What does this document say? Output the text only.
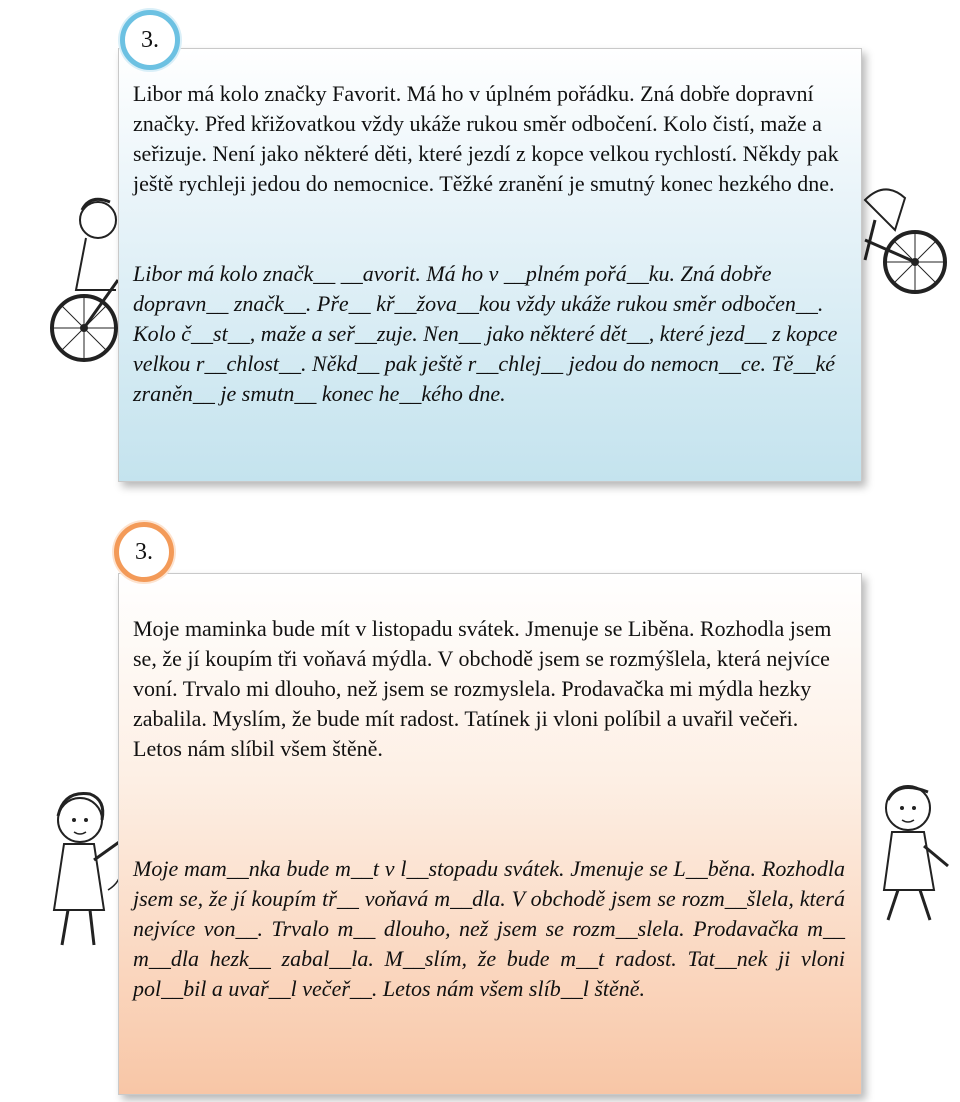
Libor má kolo značky Favorit. Má ho v úplném pořádku. Zná dobře dopravní značky. Před křižovatkou vždy ukáže rukou směr odbočení. Kolo čistí, maže a seřizuje. Není jako některé děti, které jezdí z kopce velkou rychlostí. Někdy pak ještě rychleji jedou do nemocnice. Těžké zranění je smutný konec hezkého dne.

Libor má kolo značk__ __avorit. Má ho v __plném pořá__ku. Zná dobře dopravn__ značk__. Pře__ kř__žova__kou vždy ukáže rukou směr odbočen__. Kolo č__st__, maže a seř__zuje. Nen__ jako některé dět__, které jezd__ z kopce velkou r__chlost__. Někd__ pak ještě r__chlej__ jedou do nemocn__ce. Tě__ké zraněn__ je smutn__ konec he__kého dne.

3.

Moje maminka bude mít v listopadu svátek. Jmenuje se Liběna. Rozhodla jsem se, že jí koupím tři voňavá mýdla. V obchodě jsem se rozmýšlela, která nejvíce voní. Trvalo mi dlouho, než jsem se rozmyslela. Prodavačka mi mýdla hezky zabalila. Myslím, že bude mít radost. Tatínek ji vloni políbil a uvařil večeři. Letos nám slíbil všem štěně.

Moje mam__nka bude m__t v l__stopadu svátek. Jmenuje se L__běna. Rozhodla jsem se, že jí koupím tř__ voňavá m__dla. V obchodě jsem se rozm__šlela, která nejvíce von__. Trvalo m__ dlouho, než jsem se rozm__slela. Prodavačka m__ m__dla hezk__ zabal__la. M__slím, že bude m__t radost. Tat__nek ji vloni pol__bil a uvař__l večeř__. Letos nám všem slíb__l štěně.

3.
